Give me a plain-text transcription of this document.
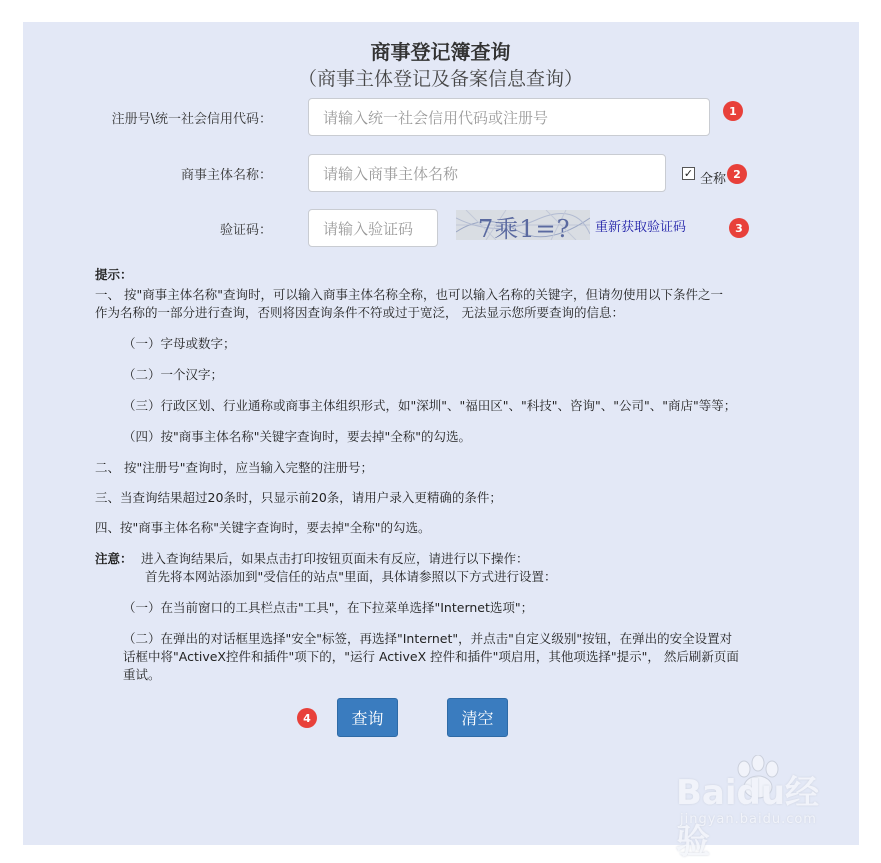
商事登记簿查询
（商事主体登记及备案信息查询）
注册号\统一社会信用代码：	请输入统一社会信用代码或注册号	1
商事主体名称：	请输入商事主体名称	✓ 全称 2
验证码：	请输入验证码	7乘1=? 重新获取验证码	3
提示：
一、 按"商事主体名称"查询时，可以输入商事主体名称全称，也可以输入名称的关键字，但请勿使用以下条件之一
作为名称的一部分进行查询，否则将因查询条件不符或过于宽泛， 无法显示您所要查询的信息：
（一）字母或数字；
（二）一个汉字；
（三）行政区划、行业通称或商事主体组织形式，如"深圳"、"福田区"、"科技"、咨询"、"公司"、"商店"等等；
（四）按"商事主体名称"关键字查询时，要去掉"全称"的勾选。
二、 按"注册号"查询时，应当输入完整的注册号；
三、当查询结果超过20条时，只显示前20条，请用户录入更精确的条件；
四、按"商事主体名称"关键字查询时，要去掉"全称"的勾选。
注意： 进入查询结果后，如果点击打印按钮页面未有反应，请进行以下操作：
首先将本网站添加到"受信任的站点"里面，具体请参照以下方式进行设置：
（一）在当前窗口的工具栏点击"工具"，在下拉菜单选择"Internet选项"；
（二）在弹出的对话框里选择"安全"标签，再选择"Internet"，并点击"自定义级别"按钮，在弹出的安全设置对
话框中将"ActiveX控件和插件"项下的，"运行 ActiveX 控件和插件"项启用，其他项选择"提示"， 然后刷新页面
重试。
4	查询	清空
Baidu经验
jingyan.baidu.com
